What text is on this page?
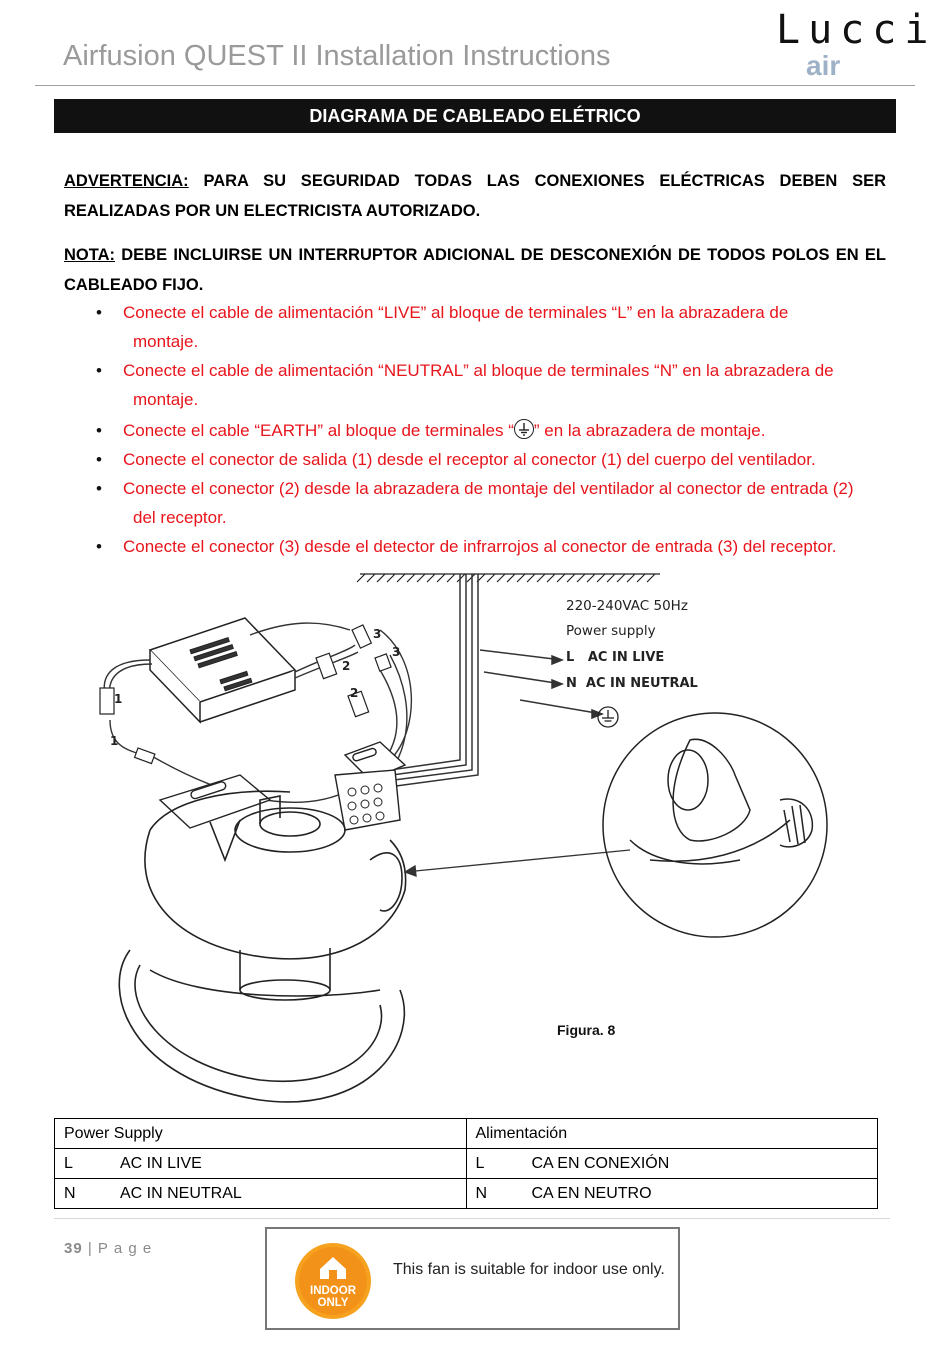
Airfusion QUEST II Installation Instructions
Lucci
air
DIAGRAMA DE CABLEADO ELÉTRICO
ADVERTENCIA: PARA SU SEGURIDAD TODAS LAS CONEXIONES ELÉCTRICAS DEBEN SER REALIZADAS POR UN ELECTRICISTA AUTORIZADO.
NOTA: DEBE INCLUIRSE UN INTERRUPTOR ADICIONAL DE DESCONEXIÓN DE TODOS POLOS EN EL CABLEADO FIJO.
• Conecte el cable de alimentación “LIVE” al bloque de terminales “L” en la abrazadera de
montaje.
• Conecte el cable de alimentación “NEUTRAL” al bloque de terminales “N” en la abrazadera de
montaje.
• Conecte el cable “EARTH” al bloque de terminales “ ” en la abrazadera de montaje.
• Conecte el conector de salida (1) desde el receptor al conector (1) del cuerpo del ventilador.
• Conecte el conector (2) desde la abrazadera de montaje del ventilador al conector de entrada (2)
del receptor.
• Conecte el conector (3) desde el detector de infrarrojos al conector de entrada (3) del receptor.
220-240VAC 50Hz
Power supply
L   AC IN LIVE
N  AC IN NEUTRAL
1
1
2
2
3
3
Figura. 8
Power Supply	Alimentación
L AC IN LIVE	L CA EN CONEXIÓN
N AC IN NEUTRAL	N CA EN NEUTRO
39 | P a g e
INDOOR
ONLY
This fan is suitable for indoor use only.
